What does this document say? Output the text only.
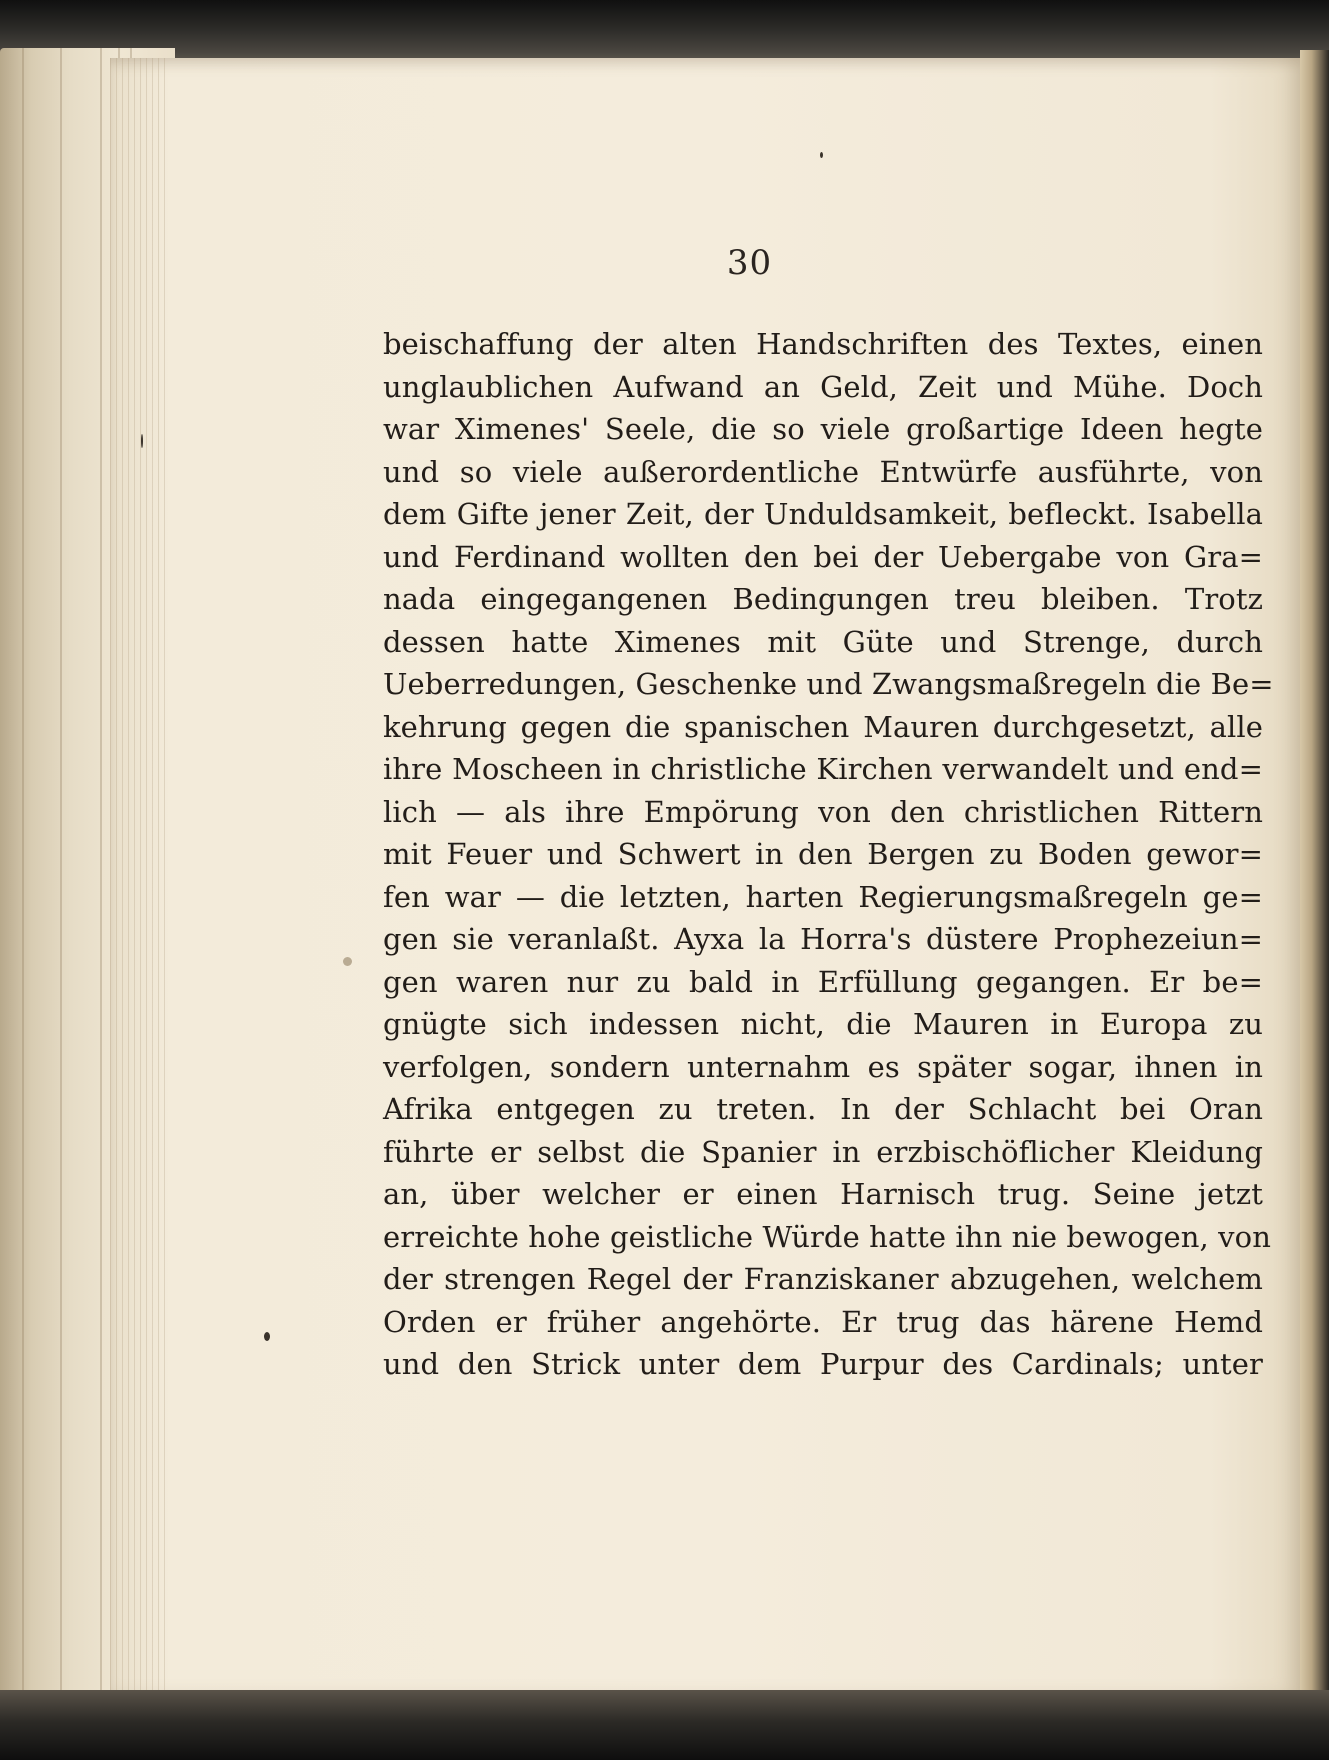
30
beischaffung der alten Handschriften des Textes, einen
unglaublichen Aufwand an Geld, Zeit und Mühe. Doch
war Ximenes' Seele, die so viele großartige Ideen hegte
und so viele außerordentliche Entwürfe ausführte, von
dem Gifte jener Zeit, der Unduldsamkeit, befleckt. Isabella
und Ferdinand wollten den bei der Uebergabe von Gra=
nada eingegangenen Bedingungen treu bleiben. Trotz
dessen hatte Ximenes mit Güte und Strenge, durch
Ueberredungen, Geschenke und Zwangsmaßregeln die Be=
kehrung gegen die spanischen Mauren durchgesetzt, alle
ihre Moscheen in christliche Kirchen verwandelt und end=
lich — als ihre Empörung von den christlichen Rittern
mit Feuer und Schwert in den Bergen zu Boden gewor=
fen war — die letzten, harten Regierungsmaßregeln ge=
gen sie veranlaßt. Ayxa la Horra's düstere Prophezeiun=
gen waren nur zu bald in Erfüllung gegangen. Er be=
gnügte sich indessen nicht, die Mauren in Europa zu
verfolgen, sondern unternahm es später sogar, ihnen in
Afrika entgegen zu treten. In der Schlacht bei Oran
führte er selbst die Spanier in erzbischöflicher Kleidung
an, über welcher er einen Harnisch trug. Seine jetzt
erreichte hohe geistliche Würde hatte ihn nie bewogen, von
der strengen Regel der Franziskaner abzugehen, welchem
Orden er früher angehörte. Er trug das härene Hemd
und den Strick unter dem Purpur des Cardinals; unter
